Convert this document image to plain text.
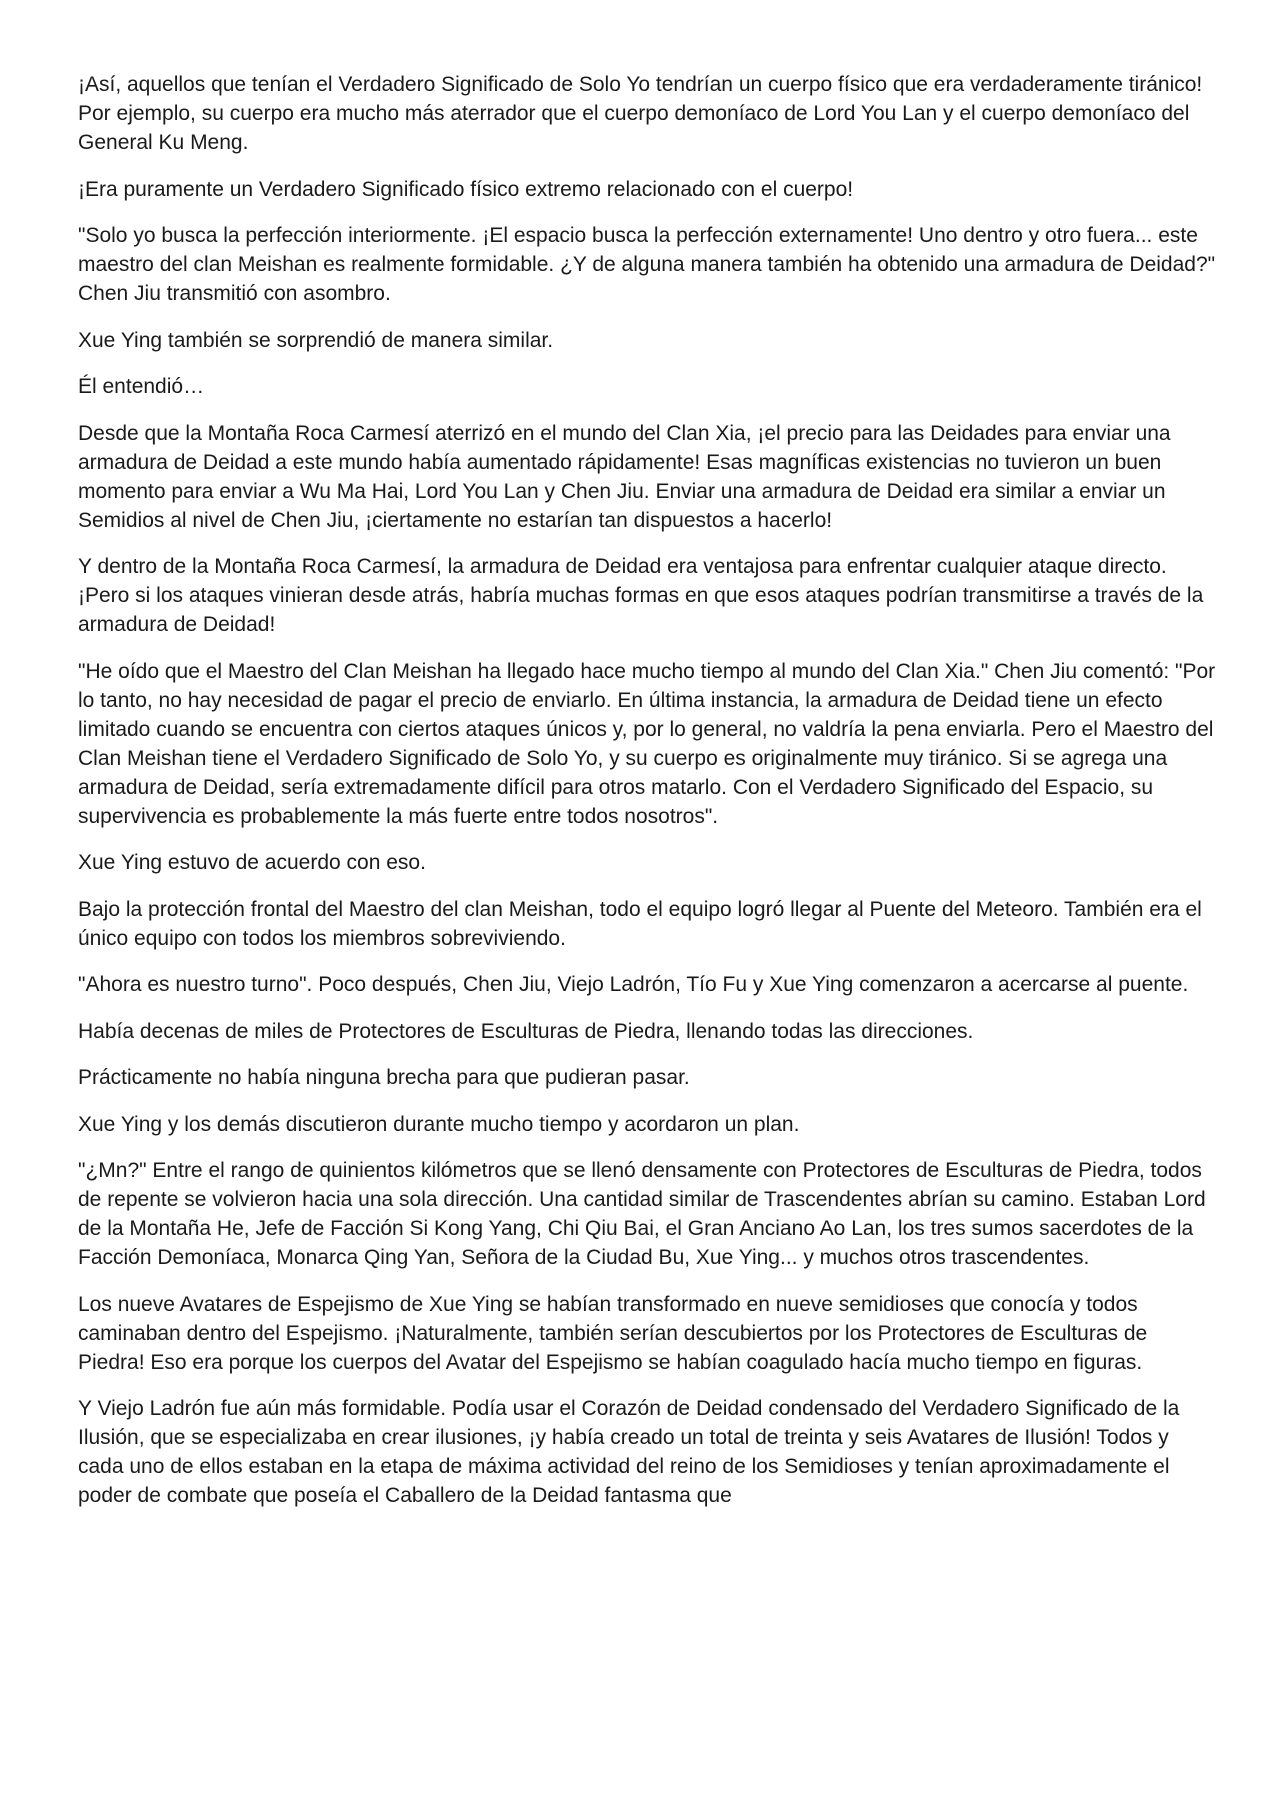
¡Así, aquellos que tenían el Verdadero Significado de Solo Yo tendrían un cuerpo físico que era verdaderamente tiránico! Por ejemplo, su cuerpo era mucho más aterrador que el cuerpo demoníaco de Lord You Lan y el cuerpo demoníaco del General Ku Meng.

¡Era puramente un Verdadero Significado físico extremo relacionado con el cuerpo!

"Solo yo busca la perfección interiormente. ¡El espacio busca la perfección externamente! Uno dentro y otro fuera... este maestro del clan Meishan es realmente formidable. ¿Y de alguna manera también ha obtenido una armadura de Deidad?" Chen Jiu transmitió con asombro.

Xue Ying también se sorprendió de manera similar.

Él entendió…

Desde que la Montaña Roca Carmesí aterrizó en el mundo del Clan Xia, ¡el precio para las Deidades para enviar una armadura de Deidad a este mundo había aumentado rápidamente! Esas magníficas existencias no tuvieron un buen momento para enviar a Wu Ma Hai, Lord You Lan y Chen Jiu. Enviar una armadura de Deidad era similar a enviar un Semidios al nivel de Chen Jiu, ¡ciertamente no estarían tan dispuestos a hacerlo!

Y dentro de la Montaña Roca Carmesí, la armadura de Deidad era ventajosa para enfrentar cualquier ataque directo. ¡Pero si los ataques vinieran desde atrás, habría muchas formas en que esos ataques podrían transmitirse a través de la armadura de Deidad!

"He oído que el Maestro del Clan Meishan ha llegado hace mucho tiempo al mundo del Clan Xia." Chen Jiu comentó: "Por lo tanto, no hay necesidad de pagar el precio de enviarlo. En última instancia, la armadura de Deidad tiene un efecto limitado cuando se encuentra con ciertos ataques únicos y, por lo general, no valdría la pena enviarla. Pero el Maestro del Clan Meishan tiene el Verdadero Significado de Solo Yo, y su cuerpo es originalmente muy tiránico. Si se agrega una armadura de Deidad, sería extremadamente difícil para otros matarlo. Con el Verdadero Significado del Espacio, su supervivencia es probablemente la más fuerte entre todos nosotros".

Xue Ying estuvo de acuerdo con eso.

Bajo la protección frontal del Maestro del clan Meishan, todo el equipo logró llegar al Puente del Meteoro. También era el único equipo con todos los miembros sobreviviendo.

"Ahora es nuestro turno". Poco después, Chen Jiu, Viejo Ladrón, Tío Fu y Xue Ying comenzaron a acercarse al puente.

Había decenas de miles de Protectores de Esculturas de Piedra, llenando todas las direcciones.

Prácticamente no había ninguna brecha para que pudieran pasar.

Xue Ying y los demás discutieron durante mucho tiempo y acordaron un plan.

"¿Mn?" Entre el rango de quinientos kilómetros que se llenó densamente con Protectores de Esculturas de Piedra, todos de repente se volvieron hacia una sola dirección. Una cantidad similar de Trascendentes abrían su camino. Estaban Lord de la Montaña He, Jefe de Facción Si Kong Yang, Chi Qiu Bai, el Gran Anciano Ao Lan, los tres sumos sacerdotes de la Facción Demoníaca, Monarca Qing Yan, Señora de la Ciudad Bu, Xue Ying... y muchos otros trascendentes.

Los nueve Avatares de Espejismo de Xue Ying se habían transformado en nueve semidioses que conocía y todos caminaban dentro del Espejismo. ¡Naturalmente, también serían descubiertos por los Protectores de Esculturas de Piedra! Eso era porque los cuerpos del Avatar del Espejismo se habían coagulado hacía mucho tiempo en figuras.

Y Viejo Ladrón fue aún más formidable. Podía usar el Corazón de Deidad condensado del Verdadero Significado de la Ilusión, que se especializaba en crear ilusiones, ¡y había creado un total de treinta y seis Avatares de Ilusión! Todos y cada uno de ellos estaban en la etapa de máxima actividad del reino de los Semidioses y tenían aproximadamente el poder de combate que poseía el Caballero de la Deidad fantasma que
